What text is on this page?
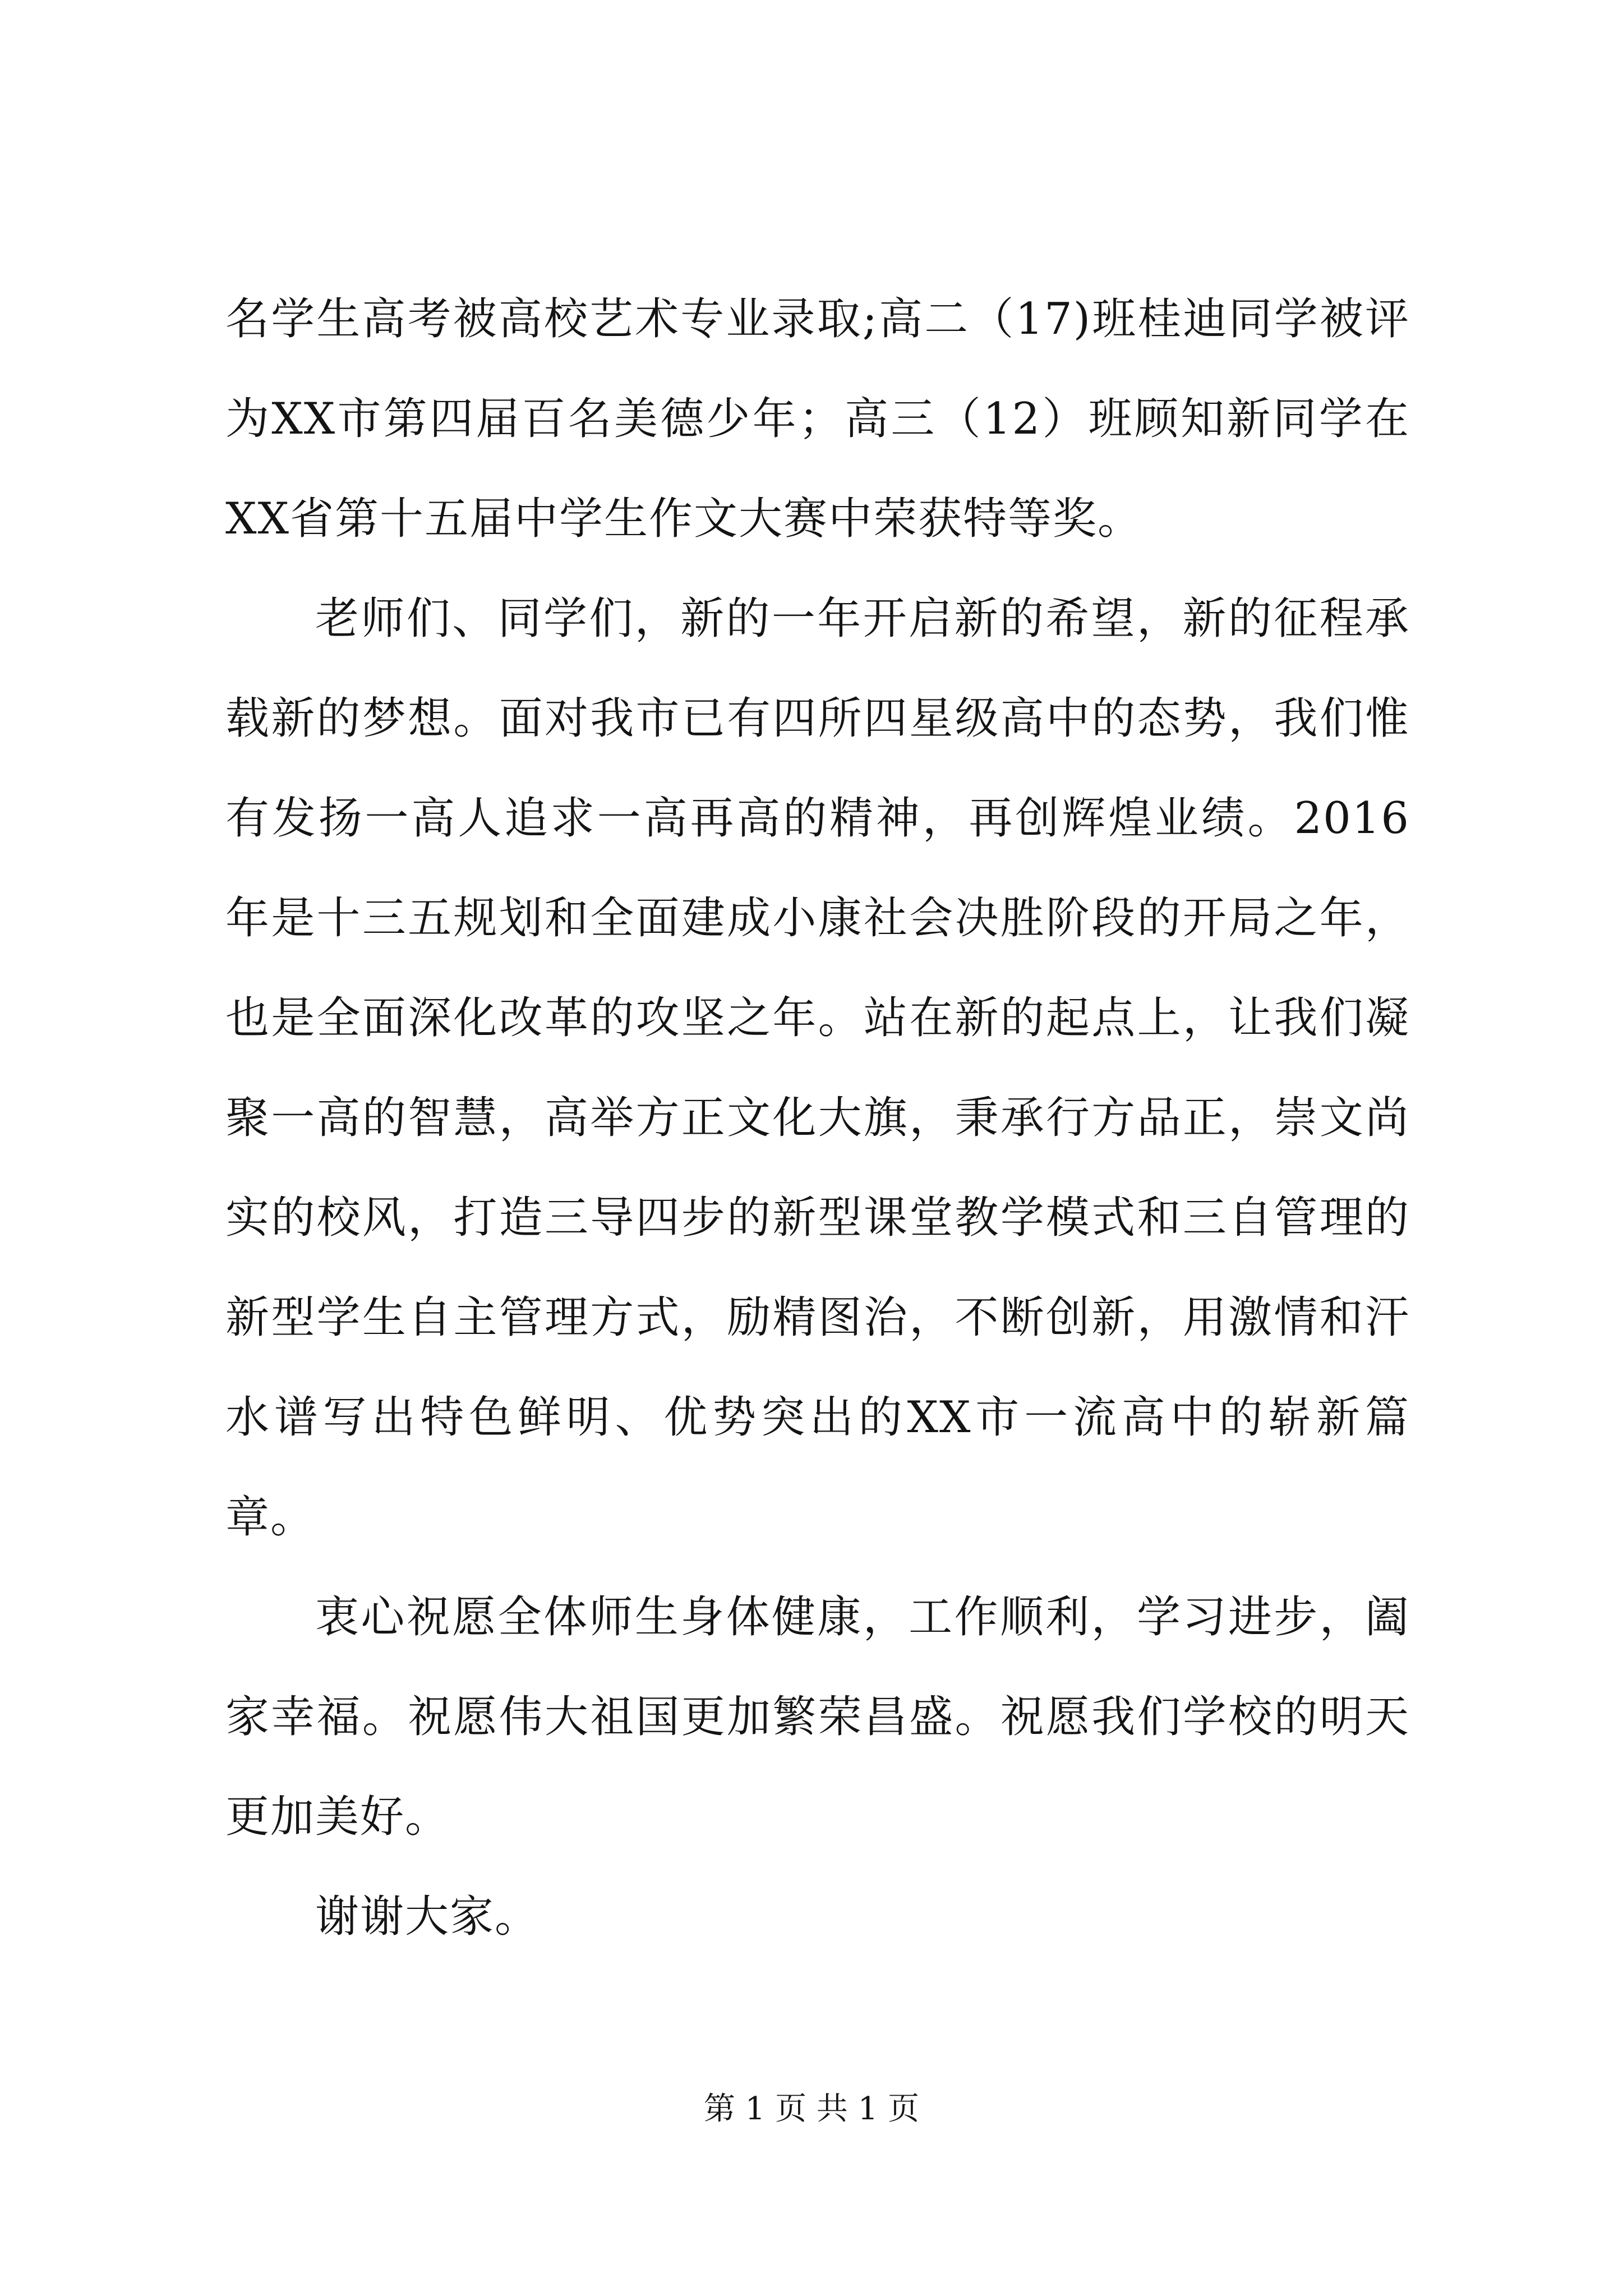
名学生高考被高校艺术专业录取;高二（17)班桂迪同学被评为XX市第四届百名美德少年；高三（12）班顾知新同学在XX省第十五届中学生作文大赛中荣获特等奖。

老师们、同学们，新的一年开启新的希望，新的征程承载新的梦想。面对我市已有四所四星级高中的态势，我们惟有发扬一高人追求一高再高的精神，再创辉煌业绩。2016年是十三五规划和全面建成小康社会决胜阶段的开局之年，也是全面深化改革的攻坚之年。站在新的起点上，让我们凝聚一高的智慧，高举方正文化大旗，秉承行方品正，崇文尚实的校风，打造三导四步的新型课堂教学模式和三自管理的新型学生自主管理方式，励精图治，不断创新，用激情和汗水谱写出特色鲜明、优势突出的XX市一流高中的崭新篇章。

衷心祝愿全体师生身体健康，工作顺利，学习进步，阖家幸福。祝愿伟大祖国更加繁荣昌盛。祝愿我们学校的明天更加美好。

谢谢大家。

第 1 页 共 1 页
